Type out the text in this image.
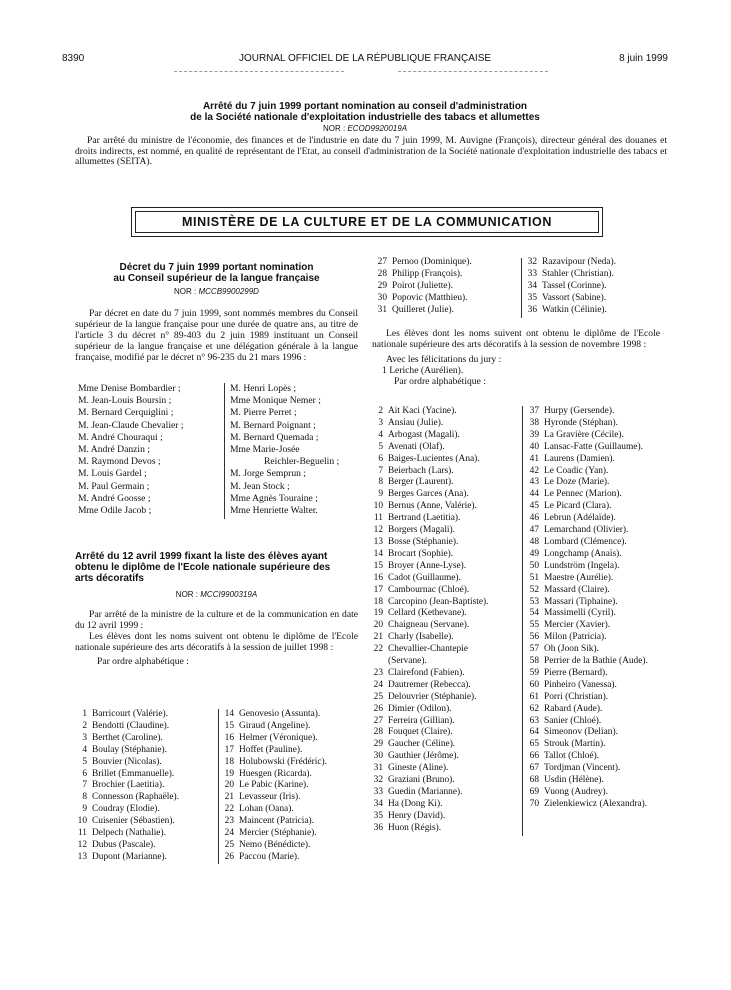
8390	JOURNAL OFFICIEL DE LA RÉPUBLIQUE FRANÇAISE	8 juin 1999
Arrêté du 7 juin 1999 portant nomination au conseil d'administration
de la Société nationale d'exploitation industrielle des tabacs et allumettes
NOR : ECOD9920019A
Par arrêté du ministre de l'économie, des finances et de l'industrie en date du 7 juin 1999, M. Auvigne (François), directeur général des douanes et droits indirects, est nommé, en qualité de représentant de l'Etat, au conseil d'administration de la Société nationale d'exploitation industrielle des tabacs et allumettes (SEITA).
MINISTÈRE DE LA CULTURE ET DE LA COMMUNICATION
Décret du 7 juin 1999 portant nomination
au Conseil supérieur de la langue française
NOR : MCCB9900299D

Par décret en date du 7 juin 1999, sont nommés membres du Conseil supérieur de la langue française pour une durée de quatre ans, au titre de l'article 3 du décret n° 89-403 du 2 juin 1989 instituant un Conseil supérieur de la langue française et une délégation générale à la langue française, modifié par le décret n° 96-235 du 21 mars 1996 :

Mme Denise Bombardier ;
M. Jean-Louis Boursin ;
M. Bernard Cerquiglini ;
M. Jean-Claude Chevalier ;
M. André Chouraqui ;
M. André Danzin ;
M. Raymond Devos ;
M. Louis Gardel ;
M. Paul Germain ;
M. André Goosse ;
Mme Odile Jacob ;
M. Henri Lopès ;
Mme Monique Nemer ;
M. Pierre Perret ;
M. Bernard Poignant ;
M. Bernard Quemada ;
Mme Marie-Josée
Reichler-Beguelin ;
M. Jorge Semprun ;
M. Jean Stock ;
Mme Agnès Touraine ;
Mme Henriette Walter.
Arrêté du 12 avril 1999 fixant la liste des élèves ayant
obtenu le diplôme de l'Ecole nationale supérieure des
arts décoratifs
NOR : MCCI9900319A

Par arrêté de la ministre de la culture et de la communication en date du 12 avril 1999 :

Les élèves dont les noms suivent ont obtenu le diplôme de l'Ecole nationale supérieure des arts décoratifs à la session de juillet 1998 :

Par ordre alphabétique :

1 Barricourt (Valérie).
2 Bendotti (Claudine).
3 Berthet (Caroline).
4 Boulay (Stéphanie).
5 Bouvier (Nicolas).
6 Brillet (Emmanuelle).
7 Brochier (Laetitia).
8 Connesson (Raphaële).
9 Coudray (Elodie).
10 Cuisenier (Sébastien).
11 Delpech (Nathalie).
12 Dubus (Pascale).
13 Dupont (Marianne).
14 Genovesio (Assunta).
15 Giraud (Angeline).
16 Helmer (Véronique).
17 Hoffet (Pauline).
18 Holubowski (Frédéric).
19 Huesgen (Ricarda).
20 Le Pabic (Karine).
21 Levasseur (Iris).
22 Lohan (Oana).
23 Maincent (Patricia).
24 Mercier (Stéphanie).
25 Nemo (Bénédicte).
26 Paccou (Marie).
27 Pernoo (Dominique).
28 Philipp (François).
29 Poirot (Juliette).
30 Popovic (Matthieu).
31 Quilleret (Julie).
32 Razavipour (Neda).
33 Stahler (Christian).
34 Tassel (Corinne).
35 Vassort (Sabine).
36 Watkin (Célinie).

Les élèves dont les noms suivent ont obtenu le diplôme de l'Ecole nationale supérieure des arts décoratifs à la session de novembre 1998 :

Avec les félicitations du jury :

1 Leriche (Aurélien).

Par ordre alphabétique :

2 Ait Kaci (Yacine).
3 Ansiau (Julie).
4 Arbogast (Magali).
5 Avenati (Olaf).
6 Baiges-Lucientes (Ana).
7 Beierbach (Lars).
8 Berger (Laurent).
9 Berges Garces (Ana).
10 Bernus (Anne, Valérie).
11 Bertrand (Laetitia).
12 Borgers (Magali).
13 Bosse (Stéphanie).
14 Brocart (Sophie).
15 Broyer (Anne-Lyse).
16 Cadot (Guillaume).
17 Cambournac (Chloé).
18 Carcopino (Jean-Baptiste).
19 Cellard (Kethevane).
20 Chaigneau (Servane).
21 Charly (Isabelle).
22 Chevallier-Chantepie
(Servane).
23 Clairefond (Fabien).
24 Dautremer (Rebecca).
25 Delouvrier (Stéphanie).
26 Dimier (Odilon).
27 Ferreira (Gillian).
28 Fouquet (Claire).
29 Gaucher (Céline).
30 Gauthier (Jérôme).
31 Gineste (Aline).
32 Graziani (Bruno).
33 Guedin (Marianne).
34 Ha (Dong Ki).
35 Henry (David).
36 Huon (Régis).
37 Hurpy (Gersende).
38 Hyronde (Stéphan).
39 La Gravière (Cécile).
40 Lansac-Fatte (Guillaume).
41 Laurens (Damien).
42 Le Coadic (Yan).
43 Le Doze (Marie).
44 Le Pennec (Marion).
45 Le Picard (Clara).
46 Lebrun (Adélaïde).
47 Lemarchand (Olivier).
48 Lombard (Clémence).
49 Longchamp (Anaïs).
50 Lundström (Ingela).
51 Maestre (Aurélie).
52 Massard (Claire).
53 Massari (Tiphaine).
54 Massimelli (Cyril).
55 Mercier (Xavier).
56 Milon (Patricia).
57 Oh (Joon Sik).
58 Perrier de la Bathie (Aude).
59 Pierre (Bernard).
60 Pinheiro (Vanessa).
61 Porri (Christian).
62 Rabard (Aude).
63 Sanier (Chloé).
64 Simeonov (Delian).
65 Strouk (Martin).
66 Tallot (Chloé).
67 Tordjman (Vincent).
68 Usdin (Hélène).
69 Vuong (Audrey).
70 Zielenkiewicz (Alexandra).
